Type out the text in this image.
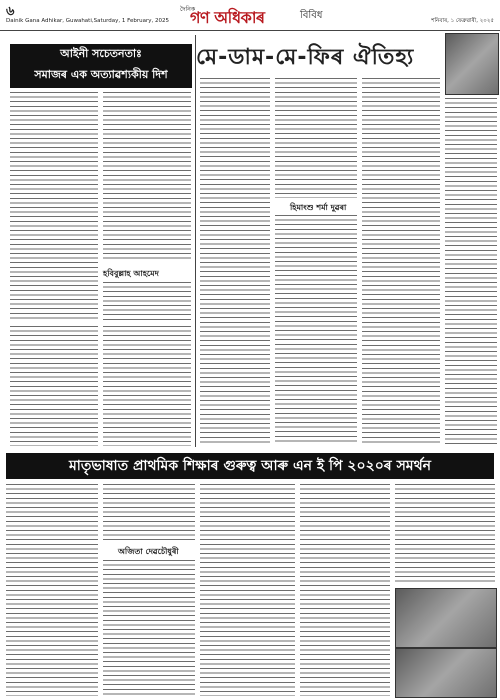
৬
Dainik Gana Adhikar, Guwahati,Saturday, 1 February, 2025
দৈনিক
গণ অধিকাৰ	বিবিধ	শনিবাৰ, ১ ফেব্ৰুৱাৰী, ২০২৫
আইনী সচেতনতাঃ
সমাজৰ এক অত্যাৱশ্যকীয় দিশ
হবিবুল্লাহ আহমেদ
মে-ডাম-মে-ফিৰ ঐতিহ্য
হিমাংশু শৰ্মা দুৱৰা
মাতৃভাষাত প্ৰাথমিক শিক্ষাৰ গুৰুত্ব আৰু এন ই পি ২০২০ৰ সমৰ্থন
অজিতা দেৱচৌধুৰী
